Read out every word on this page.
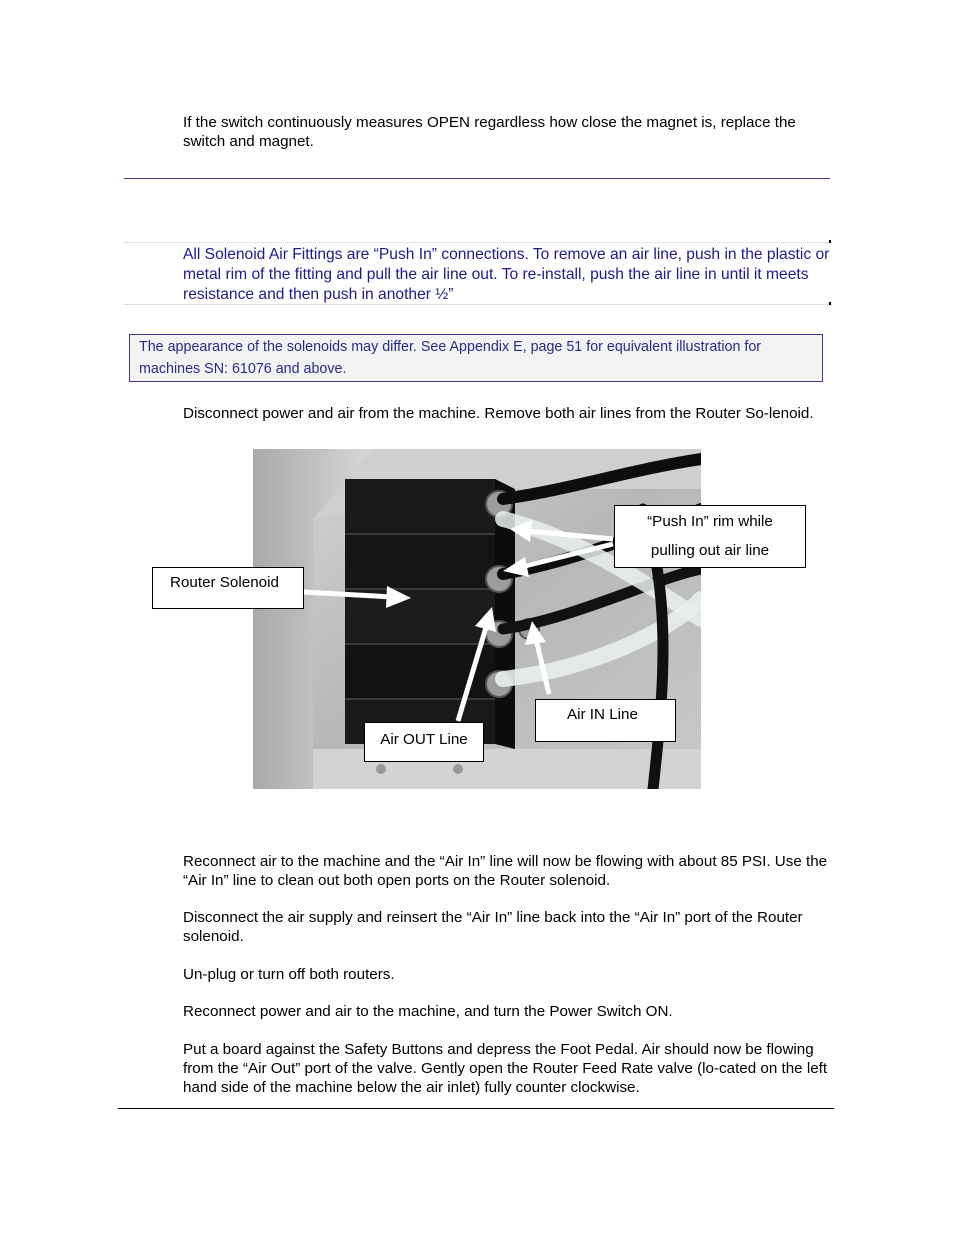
If the switch continuously measures OPEN regardless how close the magnet is, replace the switch and magnet.
All Solenoid Air Fittings are “Push In” connections. To remove an air line, push in the plastic or metal rim of the fitting and pull the air line out. To re-install, push the air line in until it meets resistance and then push in another ½”
The appearance of the solenoids may differ. See Appendix E, page 51 for equivalent illustration for machines SN: 61076 and above.
Disconnect power and air from the machine. Remove both air lines from the Router So-lenoid.
Router Solenoid
“Push In” rim while
pulling out air line
Air IN Line
Air OUT Line
Reconnect air to the machine and the “Air In” line will now be flowing with about 85 PSI. Use the “Air In” line to clean out both open ports on the Router solenoid.
Disconnect the air supply and reinsert the “Air In” line back into the “Air In” port of the Router solenoid.
Un-plug or turn off both routers.
Reconnect power and air to the machine, and turn the Power Switch ON.
Put a board against the Safety Buttons and depress the Foot Pedal. Air should now be flowing from the “Air Out” port of the valve. Gently open the Router Feed Rate valve (lo-cated on the left hand side of the machine below the air inlet) fully counter clockwise.
